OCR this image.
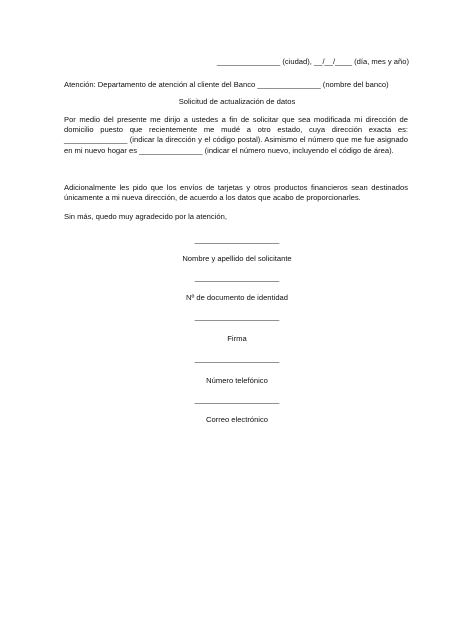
_______________ (ciudad), __/__/____ (día, mes y año)
Atención: Departamento de atención al cliente del Banco _______________ (nombre del banco)
Solicitud de actualización de datos
Por medio del presente me dirijo a ustedes a fin de solicitar que sea modificada mi dirección de domicilio puesto que recientemente me mudé a otro estado, cuya dirección exacta es: _______________ (indicar la dirección y el código postal). Asimismo el número que me fue asignado en mi nuevo hogar es _______________ (indicar el número nuevo, incluyendo el código de área).
Adicionalmente les pido que los envíos de tarjetas y otros productos financieros sean destinados únicamente a mi nueva dirección, de acuerdo a los datos que acabo de proporcionarles.
Sin más, quedo muy agradecido por la atención,
____________________
Nombre y apellido del solicitante
____________________
Nº de documento de identidad
____________________
Firma
____________________
Número telefónico
____________________
Correo electrónico
